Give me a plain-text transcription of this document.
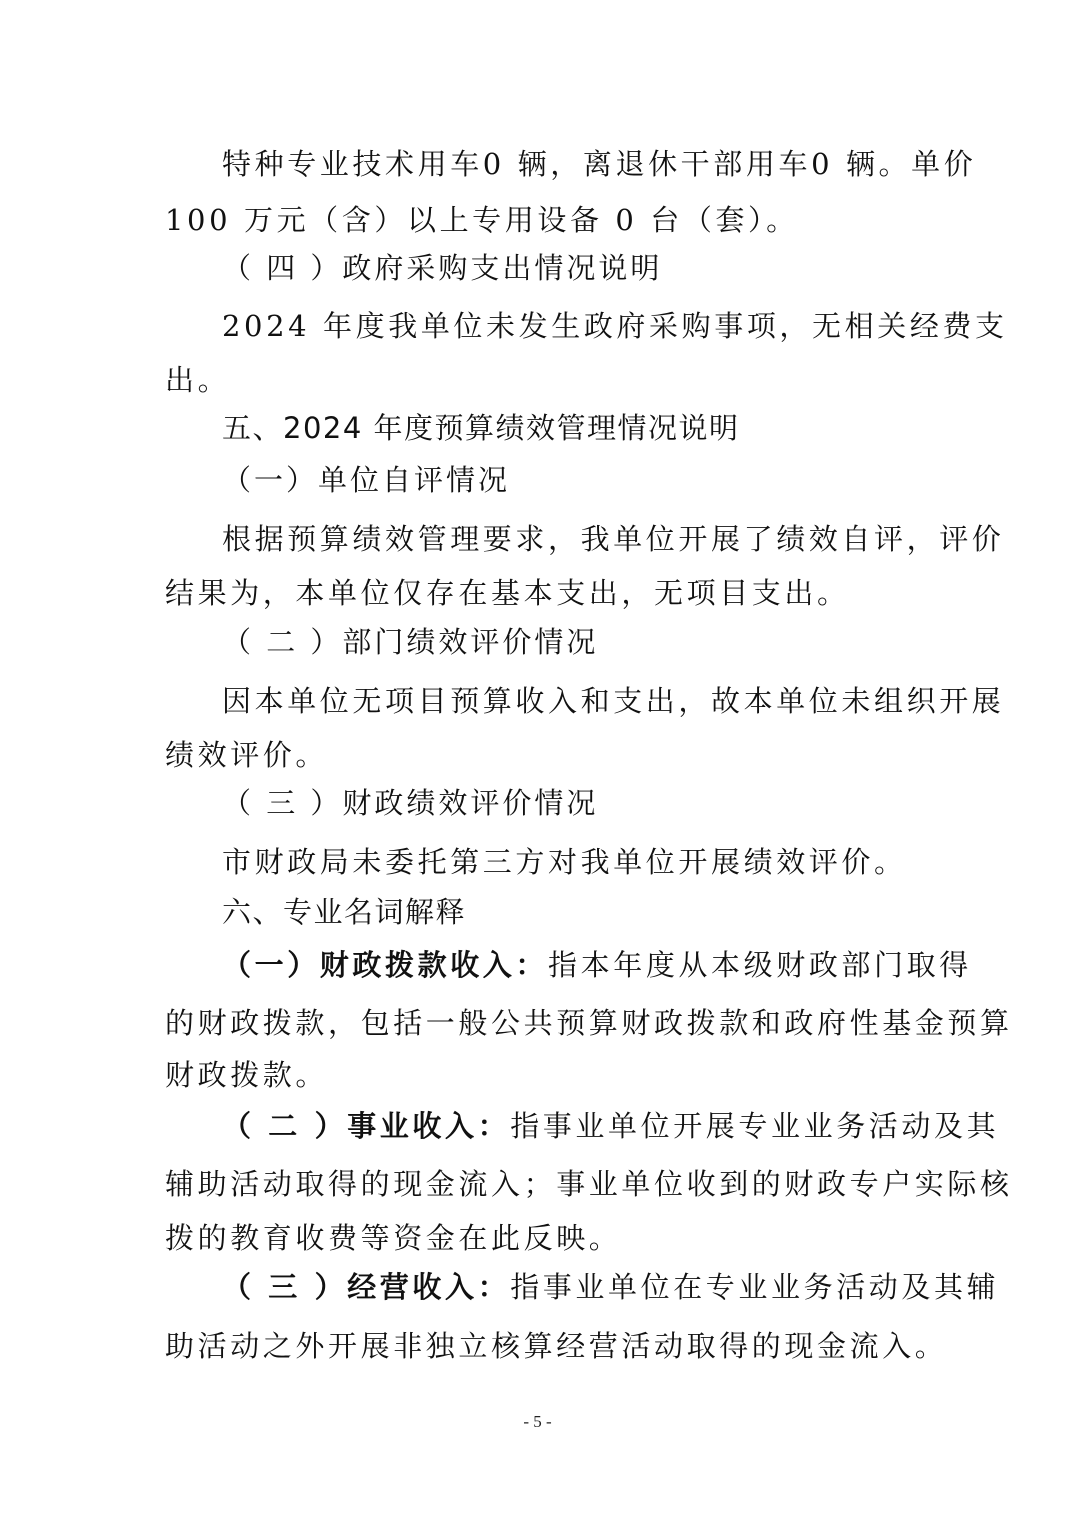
特种专业技术用车0 辆，离退休干部用车0 辆。单价
100 万元（含）以上专用设备 0 台（套）。
（ 四 ）政府采购支出情况说明
2024 年度我单位未发生政府采购事项，无相关经费支
出。
五、2024 年度预算绩效管理情况说明
（一）单位自评情况
根据预算绩效管理要求，我单位开展了绩效自评，评价
结果为，本单位仅存在基本支出，无项目支出。
（ 二 ）部门绩效评价情况
因本单位无项目预算收入和支出，故本单位未组织开展
绩效评价。
（ 三 ）财政绩效评价情况
市财政局未委托第三方对我单位开展绩效评价。
六、专业名词解释
（一）财政拨款收入：指本年度从本级财政部门取得
的财政拨款，包括一般公共预算财政拨款和政府性基金预算
财政拨款。
（ 二 ）事业收入：指事业单位开展专业业务活动及其
辅助活动取得的现金流入；事业单位收到的财政专户实际核
拨的教育收费等资金在此反映。
（ 三 ）经营收入：指事业单位在专业业务活动及其辅
助活动之外开展非独立核算经营活动取得的现金流入。
- 5 -
